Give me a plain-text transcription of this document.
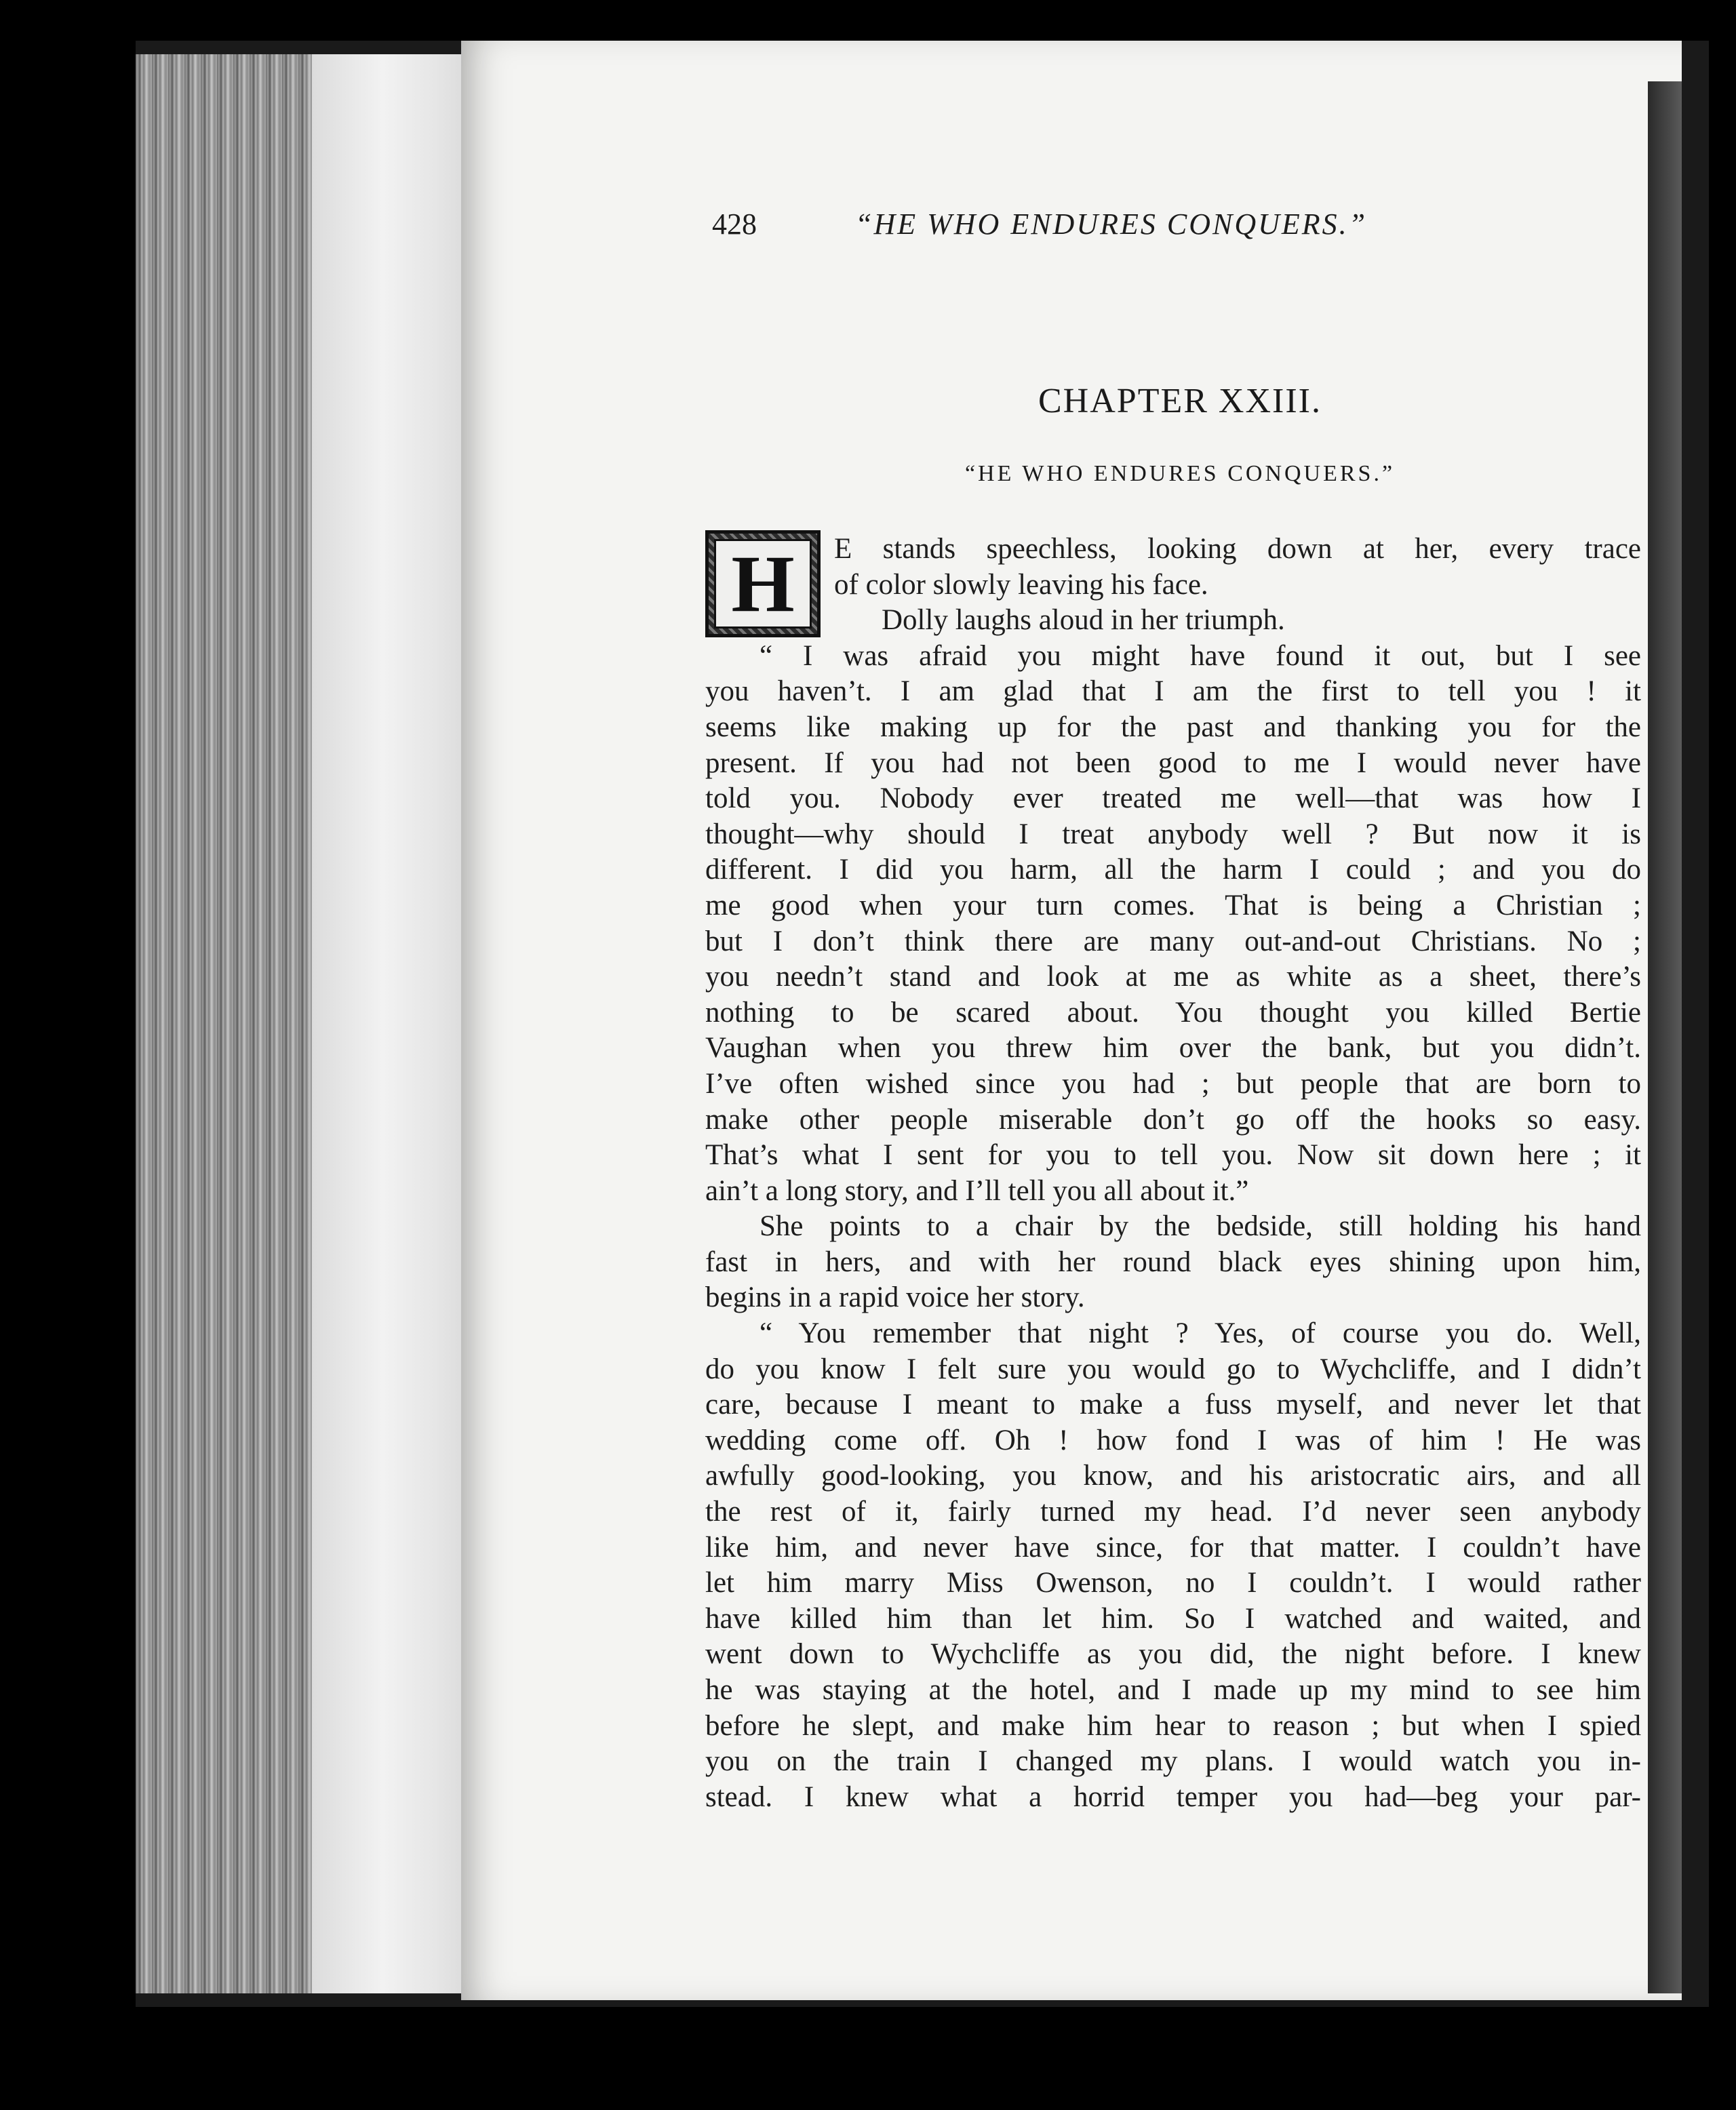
428	“HE WHO ENDURES CONQUERS.”
CHAPTER XXIII.
“HE WHO ENDURES CONQUERS.”
H	E stands speechless, looking down at her, every trace
of color slowly leaving his face.
Dolly laughs aloud in her triumph.
“ I was afraid you might have found it out, but I see
you haven’t. I am glad that I am the first to tell you ! it
seems like making up for the past and thanking you for the
present. If you had not been good to me I would never have
told you. Nobody ever treated me well—that was how I
thought—why should I treat anybody well ? But now it is
different. I did you harm, all the harm I could ; and you do
me good when your turn comes. That is being a Christian ;
but I don’t think there are many out-and-out Christians. No ;
you needn’t stand and look at me as white as a sheet, there’s
nothing to be scared about. You thought you killed Bertie
Vaughan when you threw him over the bank, but you didn’t.
I’ve often wished since you had ; but people that are born to
make other people miserable don’t go off the hooks so easy.
That’s what I sent for you to tell you. Now sit down here ; it
ain’t a long story, and I’ll tell you all about it.”
She points to a chair by the bedside, still holding his hand
fast in hers, and with her round black eyes shining upon him,
begins in a rapid voice her story.
“ You remember that night ? Yes, of course you do. Well,
do you know I felt sure you would go to Wychcliffe, and I didn’t
care, because I meant to make a fuss myself, and never let that
wedding come off. Oh ! how fond I was of him ! He was
awfully good-looking, you know, and his aristocratic airs, and all
the rest of it, fairly turned my head. I’d never seen anybody
like him, and never have since, for that matter. I couldn’t have
let him marry Miss Owenson, no I couldn’t. I would rather
have killed him than let him. So I watched and waited, and
went down to Wychcliffe as you did, the night before. I knew
he was staying at the hotel, and I made up my mind to see him
before he slept, and make him hear to reason ; but when I spied
you on the train I changed my plans. I would watch you in-
stead. I knew what a horrid temper you had—beg your par-
